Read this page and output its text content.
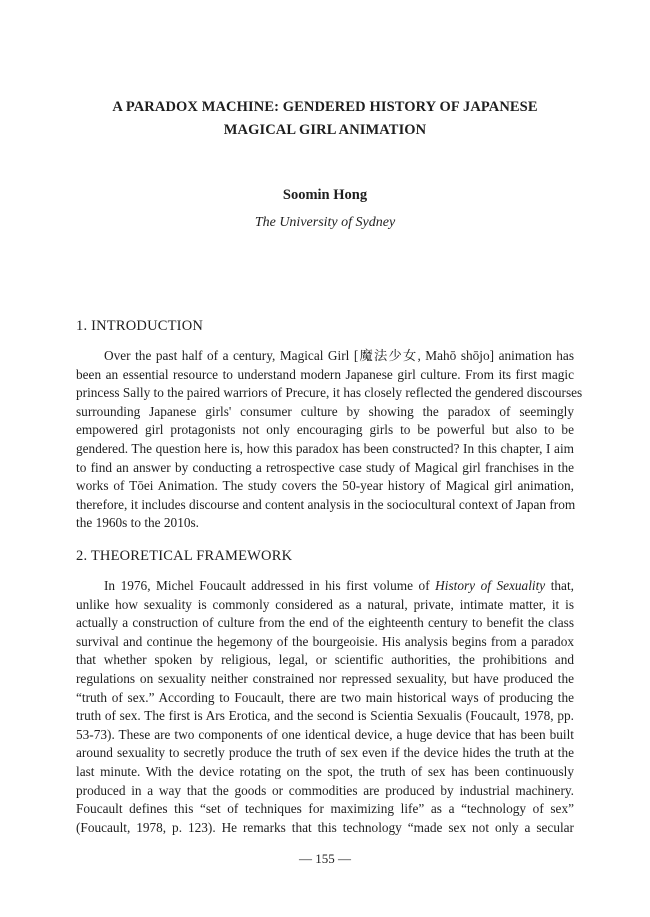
A PARADOX MACHINE: GENDERED HISTORY OF JAPANESE
MAGICAL GIRL ANIMATION
Soomin Hong
The University of Sydney
1. INTRODUCTION
Over the past half of a century, Magical Girl [魔法少女, Mahō shōjo] animation has
been an essential resource to understand modern Japanese girl culture. From its first magic
princess Sally to the paired warriors of Precure, it has closely reflected the gendered discourses
surrounding Japanese girls' consumer culture by showing the paradox of seemingly
empowered girl protagonists not only encouraging girls to be powerful but also to be
gendered. The question here is, how this paradox has been constructed? In this chapter, I aim
to find an answer by conducting a retrospective case study of Magical girl franchises in the
works of Tōei Animation. The study covers the 50-year history of Magical girl animation,
therefore, it includes discourse and content analysis in the sociocultural context of Japan from
the 1960s to the 2010s.
2. THEORETICAL FRAMEWORK
In 1976, Michel Foucault addressed in his first volume of History of Sexuality that,
unlike how sexuality is commonly considered as a natural, private, intimate matter, it is
actually a construction of culture from the end of the eighteenth century to benefit the class
survival and continue the hegemony of the bourgeoisie. His analysis begins from a paradox
that whether spoken by religious, legal, or scientific authorities, the prohibitions and
regulations on sexuality neither constrained nor repressed sexuality, but have produced the
“truth of sex.” According to Foucault, there are two main historical ways of producing the
truth of sex. The first is Ars Erotica, and the second is Scientia Sexualis (Foucault, 1978, pp.
53-73). These are two components of one identical device, a huge device that has been built
around sexuality to secretly produce the truth of sex even if the device hides the truth at the
last minute. With the device rotating on the spot, the truth of sex has been continuously
produced in a way that the goods or commodities are produced by industrial machinery.
Foucault defines this “set of techniques for maximizing life” as a “technology of sex”
(Foucault, 1978, p. 123). He remarks that this technology “made sex not only a secular
— 155 —
